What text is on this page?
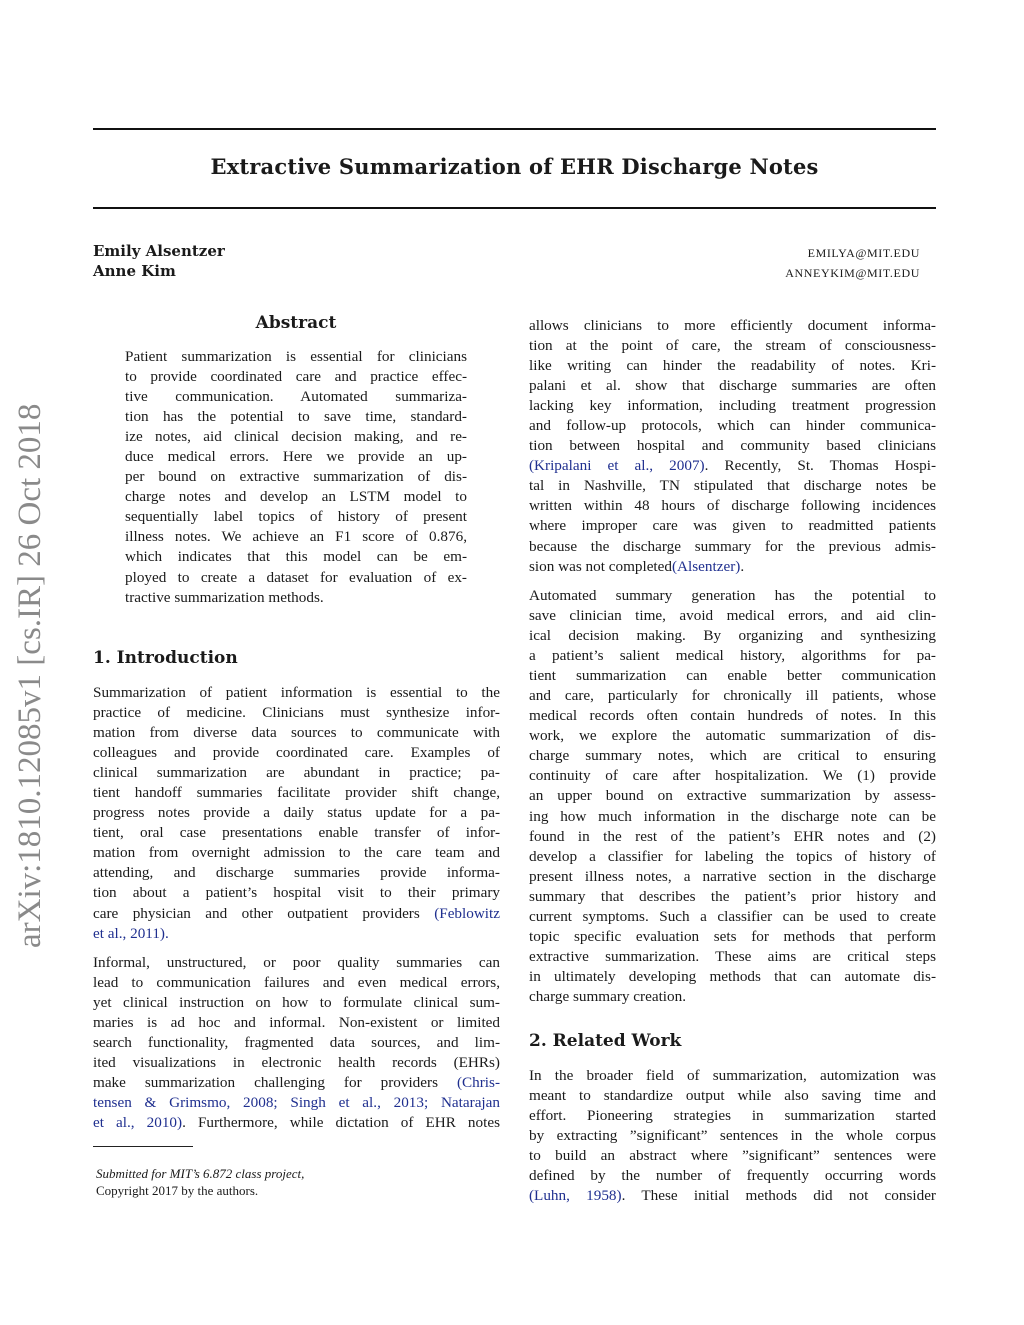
Extractive Summarization of EHR Discharge Notes
Emily Alsentzer	EMILYA@MIT.EDU
Anne Kim	ANNEYKIM@MIT.EDU
arXiv:1810.12085v1 [cs.IR] 26 Oct 2018
Abstract
Patient summarization is essential for clinicians
to provide coordinated care and practice effec-
tive communication. Automated summariza-
tion has the potential to save time, standard-
ize notes, aid clinical decision making, and re-
duce medical errors. Here we provide an up-
per bound on extractive summarization of dis-
charge notes and develop an LSTM model to
sequentially label topics of history of present
illness notes. We achieve an F1 score of 0.876,
which indicates that this model can be em-
ployed to create a dataset for evaluation of ex-
tractive summarization methods.
1. Introduction
Summarization of patient information is essential to the
practice of medicine. Clinicians must synthesize infor-
mation from diverse data sources to communicate with
colleagues and provide coordinated care. Examples of
clinical summarization are abundant in practice; pa-
tient handoff summaries facilitate provider shift change,
progress notes provide a daily status update for a pa-
tient, oral case presentations enable transfer of infor-
mation from overnight admission to the care team and
attending, and discharge summaries provide informa-
tion about a patient’s hospital visit to their primary
care physician and other outpatient providers (Feblowitz
et al., 2011).
Informal, unstructured, or poor quality summaries can
lead to communication failures and even medical errors,
yet clinical instruction on how to formulate clinical sum-
maries is ad hoc and informal. Non-existent or limited
search functionality, fragmented data sources, and lim-
ited visualizations in electronic health records (EHRs)
make summarization challenging for providers (Chris-
tensen & Grimsmo, 2008; Singh et al., 2013; Natarajan
et al., 2010). Furthermore, while dictation of EHR notes
Submitted for MIT’s 6.872 class project,
Copyright 2017 by the authors.
allows clinicians to more efficiently document informa-
tion at the point of care, the stream of consciousness-
like writing can hinder the readability of notes. Kri-
palani et al. show that discharge summaries are often
lacking key information, including treatment progression
and follow-up protocols, which can hinder communica-
tion between hospital and community based clinicians
(Kripalani et al., 2007). Recently, St. Thomas Hospi-
tal in Nashville, TN stipulated that discharge notes be
written within 48 hours of discharge following incidences
where improper care was given to readmitted patients
because the discharge summary for the previous admis-
sion was not completed(Alsentzer).
Automated summary generation has the potential to
save clinician time, avoid medical errors, and aid clin-
ical decision making. By organizing and synthesizing
a patient’s salient medical history, algorithms for pa-
tient summarization can enable better communication
and care, particularly for chronically ill patients, whose
medical records often contain hundreds of notes. In this
work, we explore the automatic summarization of dis-
charge summary notes, which are critical to ensuring
continuity of care after hospitalization. We (1) provide
an upper bound on extractive summarization by assess-
ing how much information in the discharge note can be
found in the rest of the patient’s EHR notes and (2)
develop a classifier for labeling the topics of history of
present illness notes, a narrative section in the discharge
summary that describes the patient’s prior history and
current symptoms. Such a classifier can be used to create
topic specific evaluation sets for methods that perform
extractive summarization. These aims are critical steps
in ultimately developing methods that can automate dis-
charge summary creation.
2. Related Work
In the broader field of summarization, automization was
meant to standardize output while also saving time and
effort. Pioneering strategies in summarization started
by extracting ”significant” sentences in the whole corpus
to build an abstract where ”significant” sentences were
defined by the number of frequently occurring words
(Luhn, 1958). These initial methods did not consider
